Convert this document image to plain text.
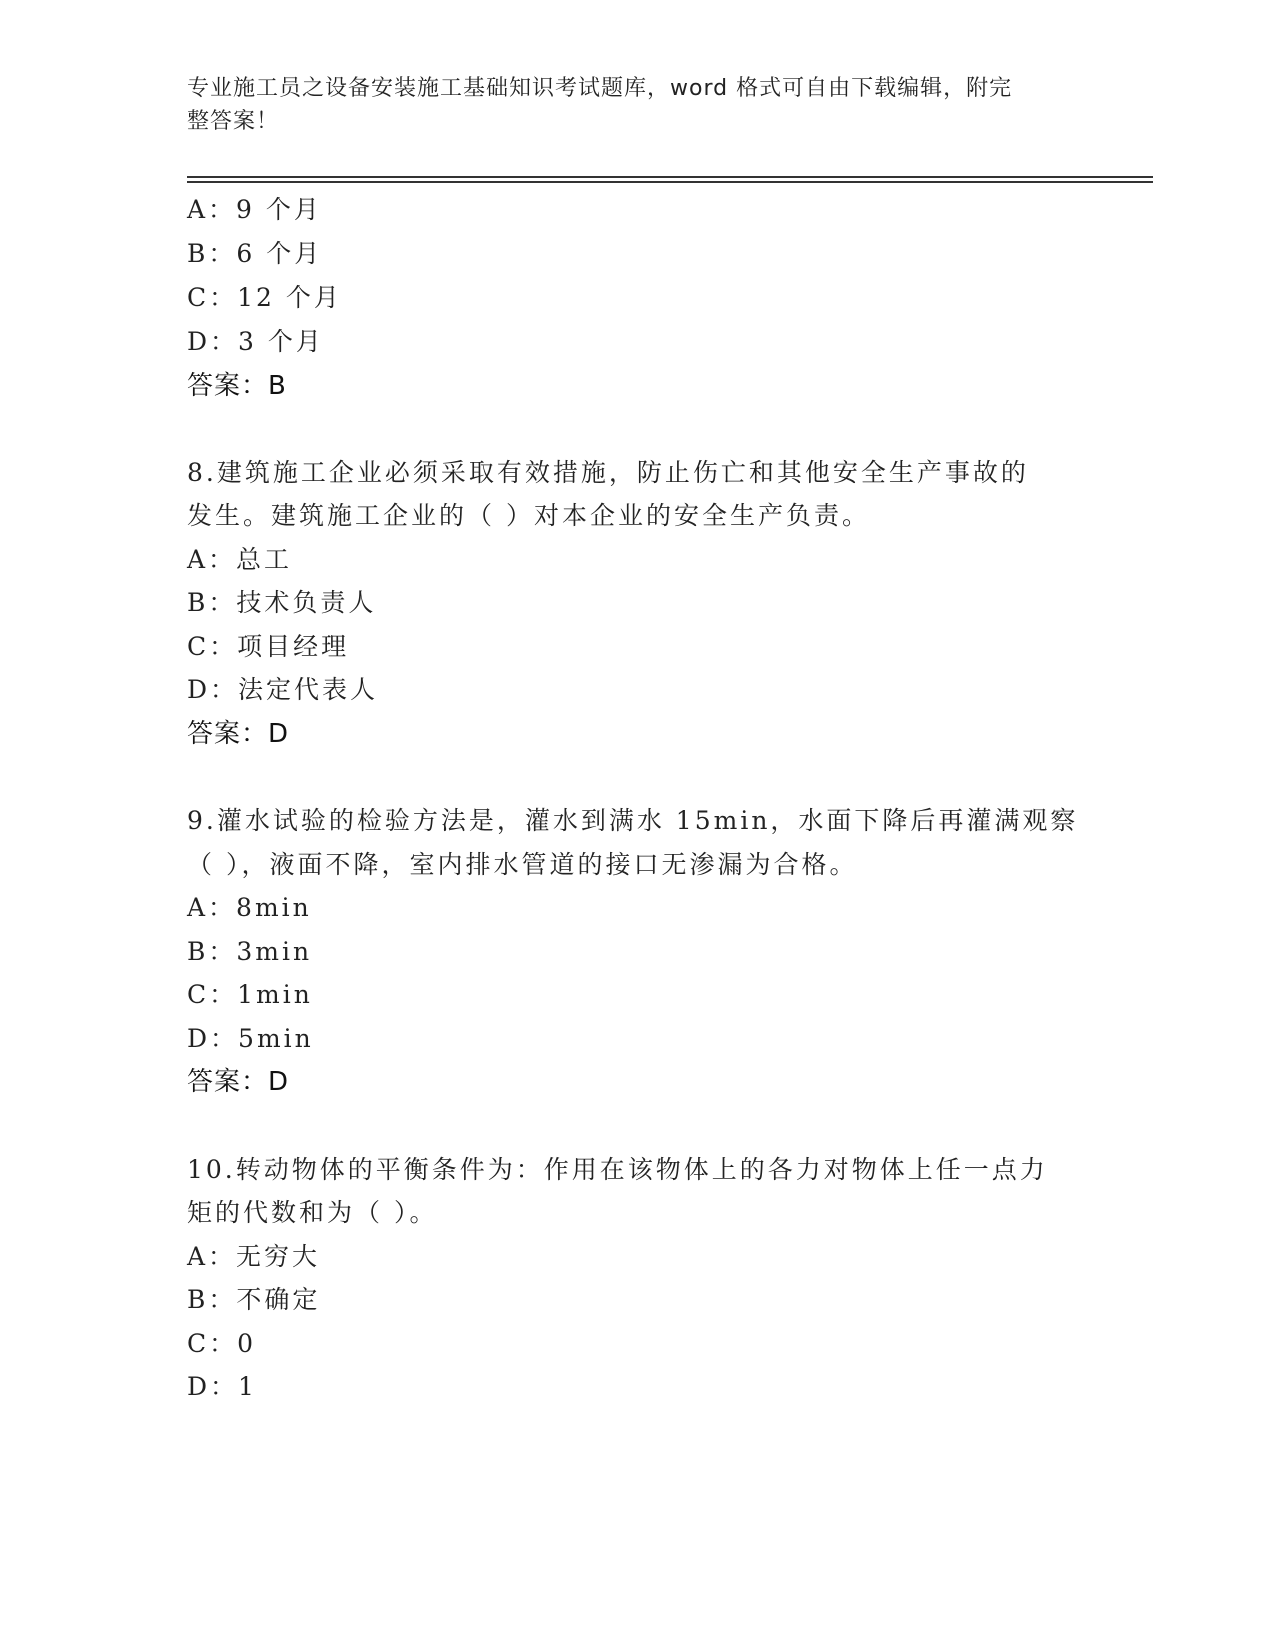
专业施工员之设备安装施工基础知识考试题库，word 格式可自由下载编辑，附完
整答案！
A：9 个月
B：6 个月
C：12 个月
D：3 个月
答案：B
8.建筑施工企业必须采取有效措施，防止伤亡和其他安全生产事故的
发生。建筑施工企业的（ ）对本企业的安全生产负责。
A：总工
B：技术负责人
C：项目经理
D：法定代表人
答案：D
9.灌水试验的检验方法是，灌水到满水 15min，水面下降后再灌满观察
（ ），液面不降，室内排水管道的接口无渗漏为合格。
A：8min
B：3min
C：1min
D：5min
答案：D
10.转动物体的平衡条件为：作用在该物体上的各力对物体上任一点力
矩的代数和为（ ）。
A：无穷大
B：不确定
C：0
D：1
